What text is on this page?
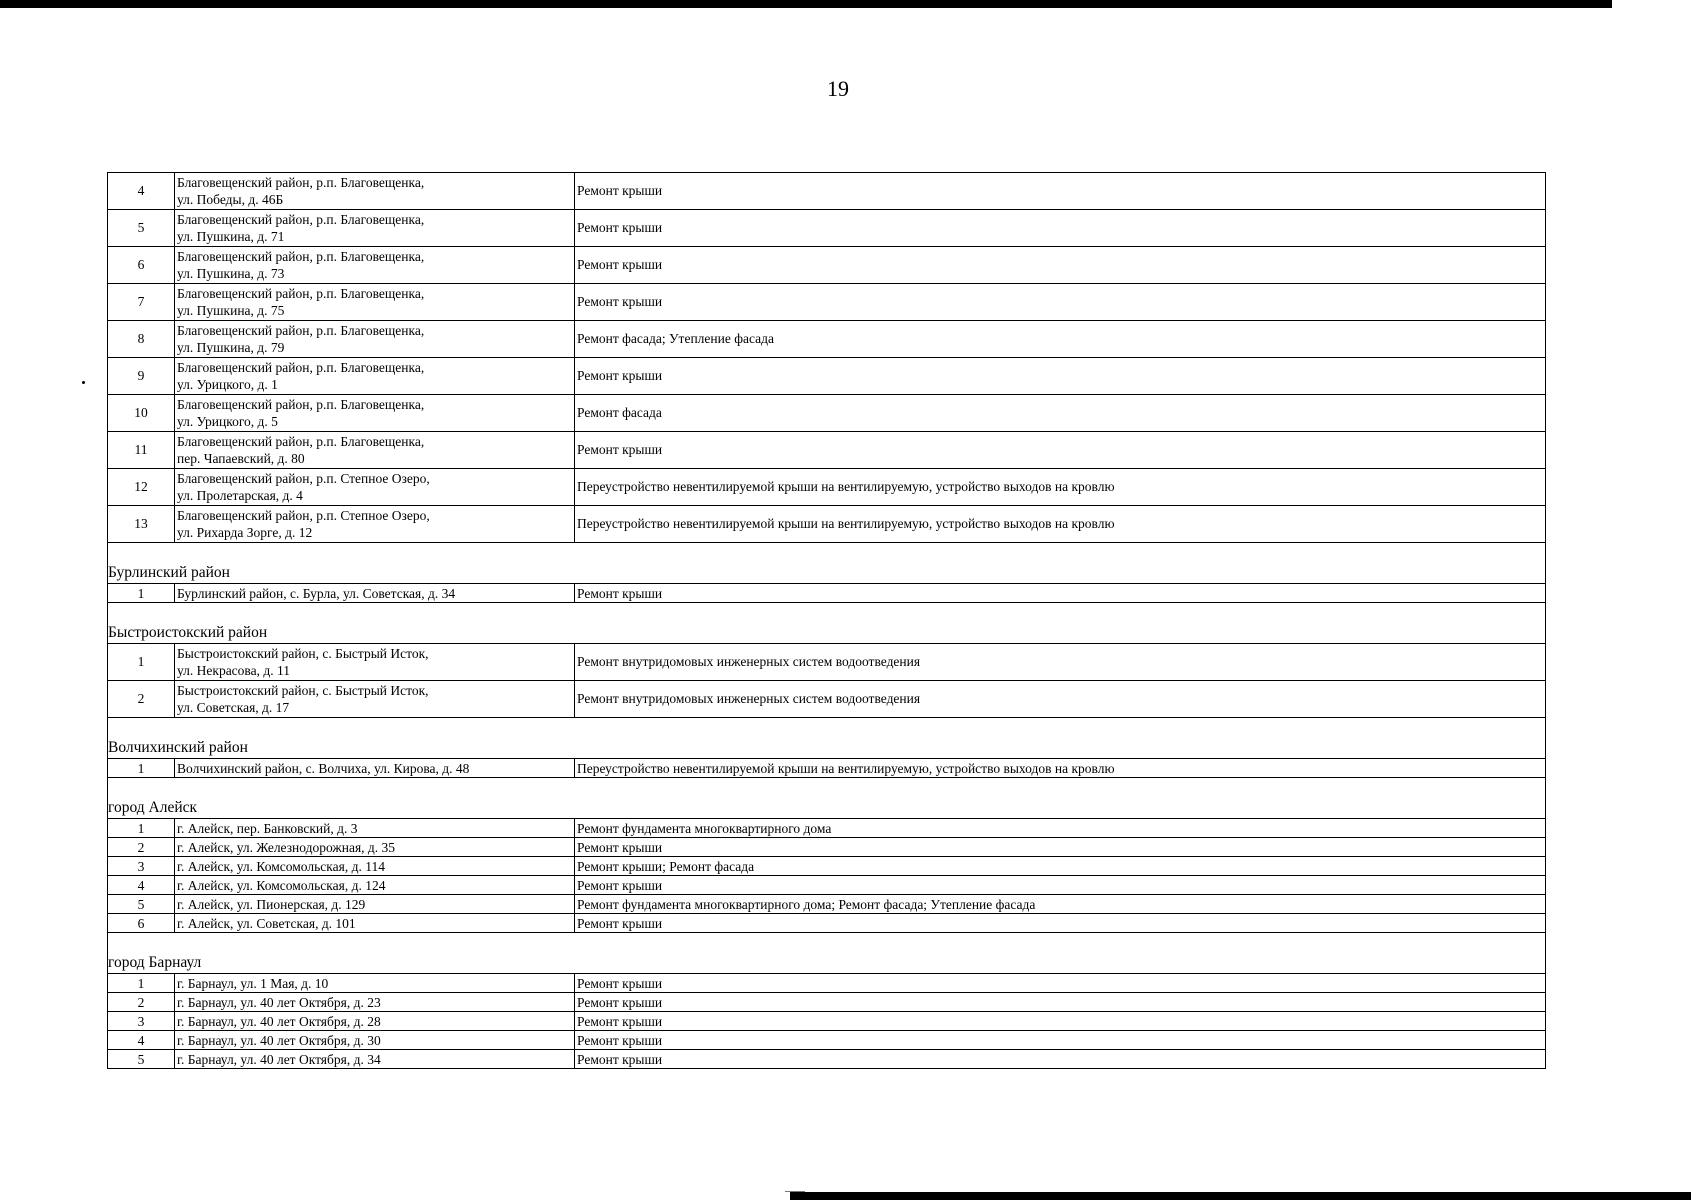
19
4	Благовещенский район, р.п. Благовещенка,
ул. Победы, д. 46Б	Ремонт крыши
5	Благовещенский район, р.п. Благовещенка,
ул. Пушкина, д. 71	Ремонт крыши
6	Благовещенский район, р.п. Благовещенка,
ул. Пушкина, д. 73	Ремонт крыши
7	Благовещенский район, р.п. Благовещенка,
ул. Пушкина, д. 75	Ремонт крыши
8	Благовещенский район, р.п. Благовещенка,
ул. Пушкина, д. 79	Ремонт фасада; Утепление фасада
9	Благовещенский район, р.п. Благовещенка,
ул. Урицкого, д. 1	Ремонт крыши
10	Благовещенский район, р.п. Благовещенка,
ул. Урицкого, д. 5	Ремонт фасада
11	Благовещенский район, р.п. Благовещенка,
пер. Чапаевский, д. 80	Ремонт крыши
12	Благовещенский район, р.п. Степное Озеро,
ул. Пролетарская, д. 4	Переустройство невентилируемой крыши на вентилируемую, устройство выходов на кровлю
13	Благовещенский район, р.п. Степное Озеро,
ул. Рихарда Зорге, д. 12	Переустройство невентилируемой крыши на вентилируемую, устройство выходов на кровлю
Бурлинский район		
1	Бурлинский район, с. Бурла, ул. Советская, д. 34	Ремонт крыши
Быстроистокский район		
1	Быстроистокский район, с. Быстрый Исток,
ул. Некрасова, д. 11	Ремонт внутридомовых инженерных систем водоотведения
2	Быстроистокский район, с. Быстрый Исток,
ул. Советская, д. 17	Ремонт внутридомовых инженерных систем водоотведения
Волчихинский район		
1	Волчихинский район, с. Волчиха, ул. Кирова, д. 48	Переустройство невентилируемой крыши на вентилируемую, устройство выходов на кровлю
город Алейск		
1	г. Алейск, пер. Банковский, д. 3	Ремонт фундамента многоквартирного дома
2	г. Алейск, ул. Железнодорожная, д. 35	Ремонт крыши
3	г. Алейск, ул. Комсомольская, д. 114	Ремонт крыши; Ремонт фасада
4	г. Алейск, ул. Комсомольская, д. 124	Ремонт крыши
5	г. Алейск, ул. Пионерская, д. 129	Ремонт фундамента многоквартирного дома; Ремонт фасада; Утепление фасада
6	г. Алейск, ул. Советская, д. 101	Ремонт крыши
город Барнаул		
1	г. Барнаул, ул. 1 Мая, д. 10	Ремонт крыши
2	г. Барнаул, ул. 40 лет Октября, д. 23	Ремонт крыши
3	г. Барнаул, ул. 40 лет Октября, д. 28	Ремонт крыши
4	г. Барнаул, ул. 40 лет Октября, д. 30	Ремонт крыши
5	г. Барнаул, ул. 40 лет Октября, д. 34	Ремонт крыши
